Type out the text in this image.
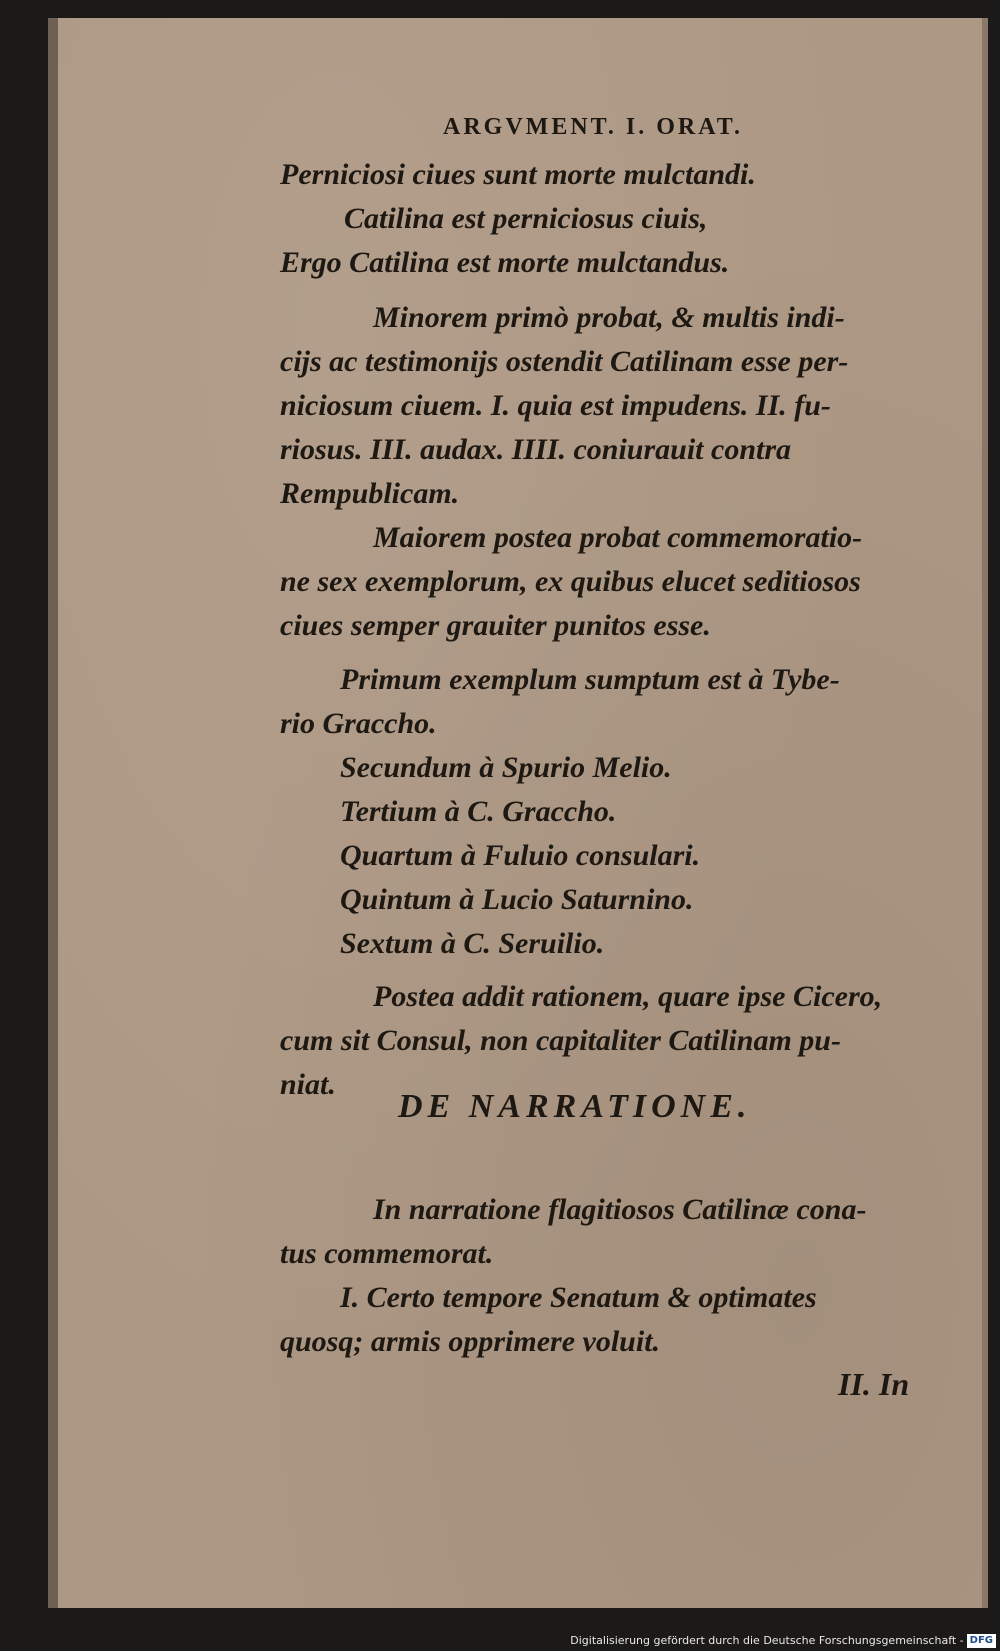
ARGVMENT. I. ORAT.
Perniciosi ciues sunt morte mulctandi.
Catilina est perniciosus ciuis,
Ergo Catilina est morte mulctandus.
Minorem primò probat, & multis indi-
cijs ac testimonijs ostendit Catilinam esse per-
niciosum ciuem. I. quia est impudens. II. fu-
riosus. III. audax. IIII. coniurauit contra
Rempublicam.
Maiorem postea probat commemoratio-
ne sex exemplorum, ex quibus elucet seditiosos
ciues semper grauiter punitos esse.
Primum exemplum sumptum est à Tybe-
rio Graccho.
Secundum à Spurio Melio.
Tertium à C. Graccho.
Quartum à Fuluio consulari.
Quintum à Lucio Saturnino.
Sextum à C. Seruilio.
Postea addit rationem, quare ipse Cicero,
cum sit Consul, non capitaliter Catilinam pu-
niat.
DE NARRATIONE.
In narratione flagitiosos Catilinæ cona-
tus commemorat.
I. Certo tempore Senatum & optimates
quosq; armis opprimere voluit.
II. In
Digitalisierung gefördert durch die Deutsche Forschungsgemeinschaft - DFG
